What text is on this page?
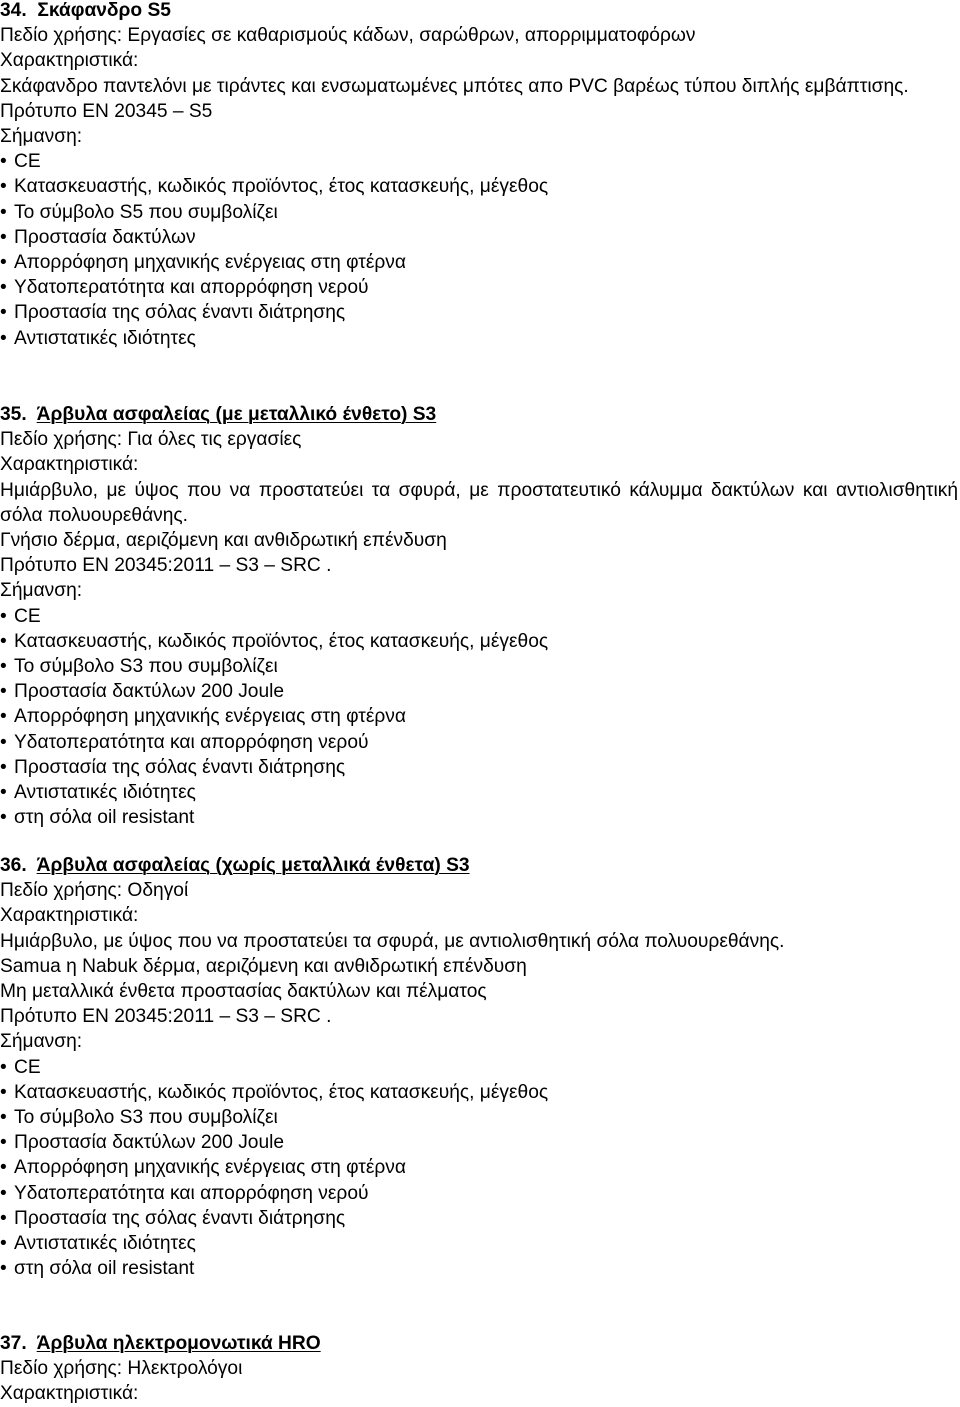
34. Σκάφανδρο S5
Πεδίο χρήσης: Εργασίες σε καθαρισμούς κάδων, σαρώθρων, απορριμματοφόρων
Χαρακτηριστικά:
Σκάφανδρο παντελόνι με τιράντες και ενσωματωμένες μπότες απο PVC βαρέως τύπου διπλής εμβάπτισης.
Πρότυπο EN 20345 – S5
Σήμανση:
• CE
• Κατασκευαστής, κωδικός προϊόντος, έτος κατασκευής, μέγεθος
• Το σύμβολο S5 που συμβολίζει
• Προστασία δακτύλων
• Απορρόφηση μηχανικής ενέργειας στη φτέρνα
• Υδατοπερατότητα και απορρόφηση νερού
• Προστασία της σόλας έναντι διάτρησης
• Αντιστατικές ιδιότητες
35. Άρβυλα ασφαλείας (με μεταλλικό ένθετο) S3
Πεδίο χρήσης: Για όλες τις εργασίες
Χαρακτηριστικά:
Ημιάρβυλο, με ύψος που να προστατεύει τα σφυρά, με προστατευτικό κάλυμμα δακτύλων και αντιολισθητική σόλα πολυουρεθάνης.
Γνήσιο δέρμα, αεριζόμενη και ανθιδρωτική επένδυση
Πρότυπο EN 20345:2011 – S3 – SRC .
Σήμανση:
• CE
• Κατασκευαστής, κωδικός προϊόντος, έτος κατασκευής, μέγεθος
• Το σύμβολο S3 που συμβολίζει
• Προστασία δακτύλων 200 Joule
• Απορρόφηση μηχανικής ενέργειας στη φτέρνα
• Υδατοπερατότητα και απορρόφηση νερού
• Προστασία της σόλας έναντι διάτρησης
• Αντιστατικές ιδιότητες
• στη σόλα oil resistant
36. Άρβυλα ασφαλείας (χωρίς μεταλλικά ένθετα) S3
Πεδίο χρήσης: Οδηγοί
Χαρακτηριστικά:
Ημιάρβυλο, με ύψος που να προστατεύει τα σφυρά, με αντιολισθητική σόλα πολυουρεθάνης.
Samua η Nabuk δέρμα, αεριζόμενη και ανθιδρωτική επένδυση
Μη μεταλλικά ένθετα προστασίας δακτύλων και πέλματος
Πρότυπο EN 20345:2011 – S3 – SRC .
Σήμανση:
• CE
• Κατασκευαστής, κωδικός προϊόντος, έτος κατασκευής, μέγεθος
• Το σύμβολο S3 που συμβολίζει
• Προστασία δακτύλων 200 Joule
• Απορρόφηση μηχανικής ενέργειας στη φτέρνα
• Υδατοπερατότητα και απορρόφηση νερού
• Προστασία της σόλας έναντι διάτρησης
• Αντιστατικές ιδιότητες
• στη σόλα oil resistant
37. Άρβυλα ηλεκτρομονωτικά HRO
Πεδίο χρήσης: Ηλεκτρολόγοι
Χαρακτηριστικά:
